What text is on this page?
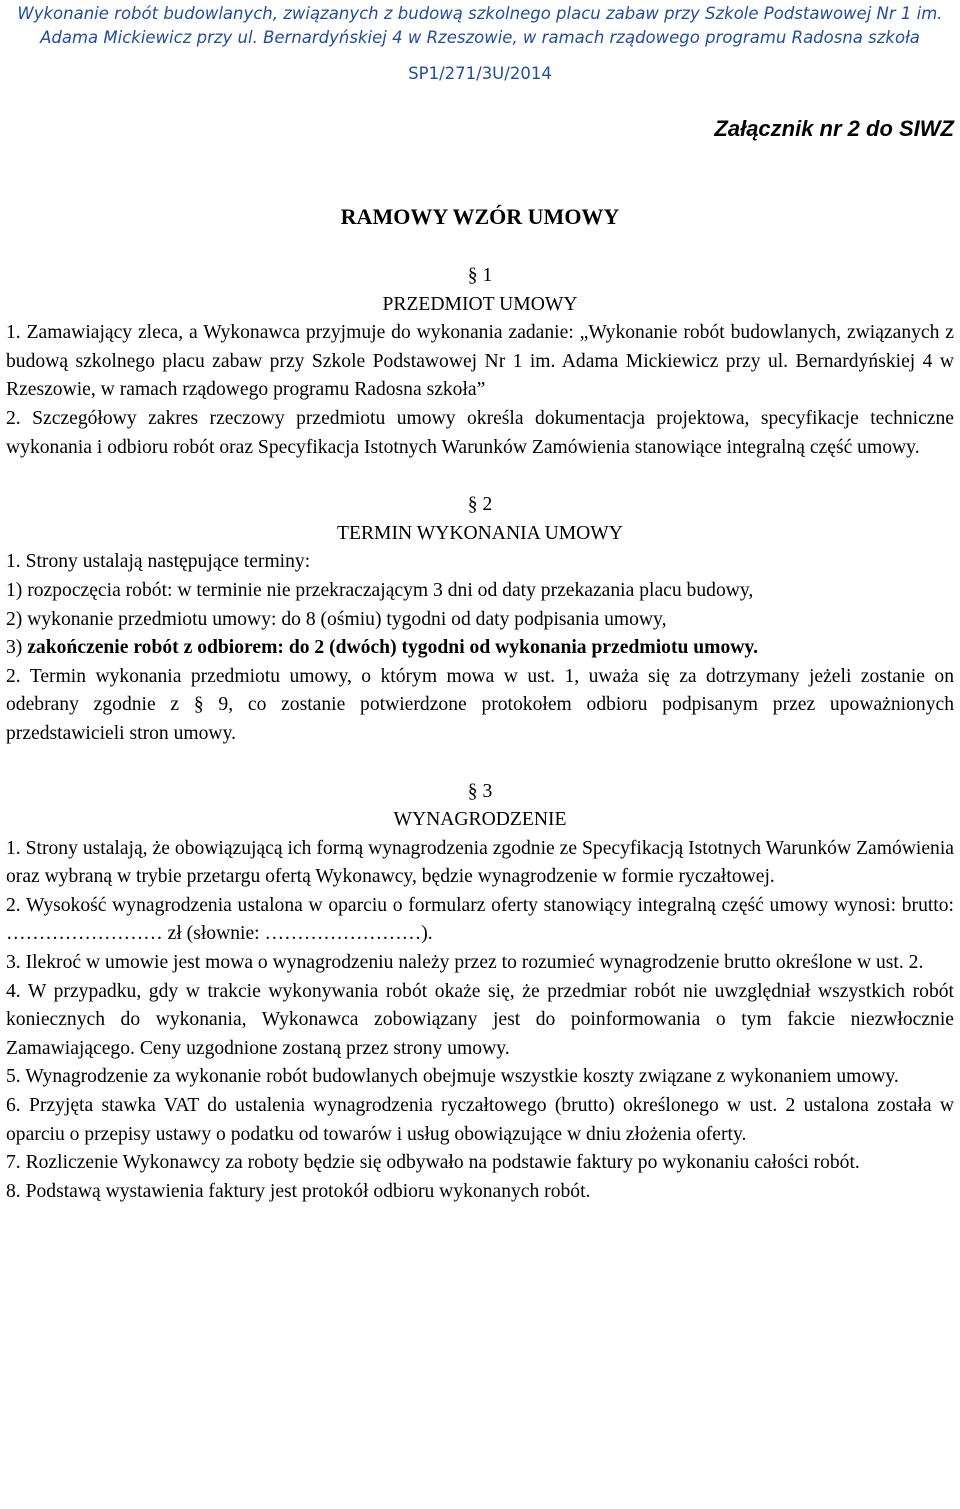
Wykonanie robót budowlanych, związanych z budową szkolnego placu zabaw przy Szkole Podstawowej Nr 1 im.
Adama Mickiewicz przy ul. Bernardyńskiej 4 w Rzeszowie, w ramach rządowego programu Radosna szkoła
SP1/271/3U/2014
Załącznik nr 2 do SIWZ
RAMOWY WZÓR UMOWY
§ 1
PRZEDMIOT UMOWY

1. Zamawiający zleca, a Wykonawca przyjmuje do wykonania zadanie: „Wykonanie robót budowlanych, związanych z budową szkolnego placu zabaw przy Szkole Podstawowej Nr 1 im. Adama Mickiewicz przy ul. Bernardyńskiej 4 w Rzeszowie, w ramach rządowego programu Radosna szkoła”

2. Szczegółowy zakres rzeczowy przedmiotu umowy określa dokumentacja projektowa, specyfikacje techniczne wykonania i odbioru robót oraz Specyfikacja Istotnych Warunków Zamówienia stanowiące integralną część umowy.

§ 2
TERMIN WYKONANIA UMOWY

1. Strony ustalają następujące terminy:

1) rozpoczęcia robót: w terminie nie przekraczającym 3 dni od daty przekazania placu budowy,

2) wykonanie przedmiotu umowy: do 8 (ośmiu) tygodni od daty podpisania umowy,

3) zakończenie robót z odbiorem: do 2 (dwóch) tygodni od wykonania przedmiotu umowy.

2. Termin wykonania przedmiotu umowy, o którym mowa w ust. 1, uważa się za dotrzymany jeżeli zostanie on odebrany zgodnie z § 9, co zostanie potwierdzone protokołem odbioru podpisanym przez upoważnionych przedstawicieli stron umowy.

§ 3
WYNAGRODZENIE

1. Strony ustalają, że obowiązującą ich formą wynagrodzenia zgodnie ze Specyfikacją Istotnych Warunków Zamówienia oraz wybraną w trybie przetargu ofertą Wykonawcy, będzie wynagrodzenie w formie ryczałtowej.

2. Wysokość wynagrodzenia ustalona w oparciu o formularz oferty stanowiący integralną część umowy wynosi: brutto: …………………… zł (słownie: ……………………).

3. Ilekroć w umowie jest mowa o wynagrodzeniu należy przez to rozumieć wynagrodzenie brutto określone w ust. 2.

4. W przypadku, gdy w trakcie wykonywania robót okaże się, że przedmiar robót nie uwzględniał wszystkich robót koniecznych do wykonania, Wykonawca zobowiązany jest do poinformowania o tym fakcie niezwłocznie Zamawiającego. Ceny uzgodnione zostaną przez strony umowy.

5. Wynagrodzenie za wykonanie robót budowlanych obejmuje wszystkie koszty związane z wykonaniem umowy.

6. Przyjęta stawka VAT do ustalenia wynagrodzenia ryczałtowego (brutto) określonego w ust. 2 ustalona została w oparciu o przepisy ustawy o podatku od towarów i usług obowiązujące w dniu złożenia oferty.

7. Rozliczenie Wykonawcy za roboty będzie się odbywało na podstawie faktury po wykonaniu całości robót.

8. Podstawą wystawienia faktury jest protokół odbioru wykonanych robót.
